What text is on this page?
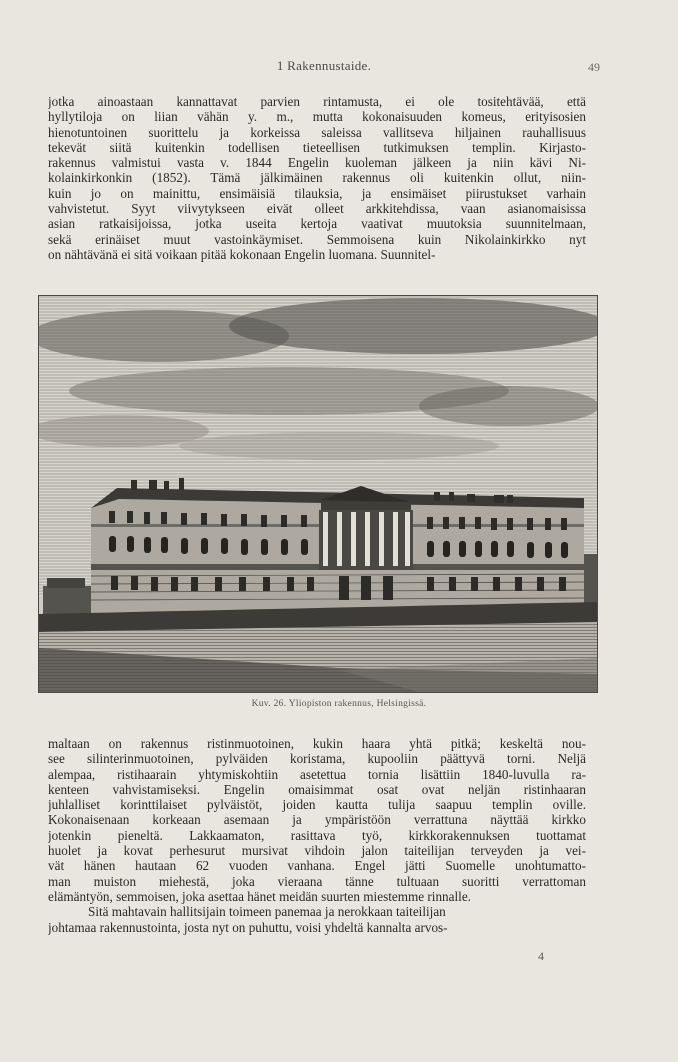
1 Rakennustaide.	49
jotka ainoastaan kannattavat parvien rintamusta, ei ole tositehtävää, että
hyllytiloja on liian vähän y. m., mutta kokonaisuuden komeus, erityisosien
hienotuntoinen suorittelu ja korkeissa saleissa vallitseva hiljainen rauhallisuus
tekevät siitä kuitenkin todellisen tieteellisen tutkimuksen templin. Kirjasto-
rakennus valmistui vasta v. 1844 Engelin kuoleman jälkeen ja niin kävi Ni-
kolainkirkonkin (1852). Tämä jälkimäinen rakennus oli kuitenkin ollut, niin-
kuin jo on mainittu, ensimäisiä tilauksia, ja ensimäiset piirustukset varhain
vahvistetut. Syyt viivytykseen eivät olleet arkkitehdissa, vaan asianomaisissa
asian ratkaisijoissa, jotka useita kertoja vaativat muutoksia suunnitelmaan,
sekä erinäiset muut vastoinkäymiset. Semmoisena kuin Nikolainkirkko nyt
on nähtävänä ei sitä voikaan pitää kokonaan Engelin luomana. Suunnitel-
Kuv. 26. Yliopiston rakennus, Helsingissä.
maltaan on rakennus ristinmuotoinen, kukin haara yhtä pitkä; keskeltä nou-
see silinterinmuotoinen, pylväiden koristama, kupooliin päättyvä torni. Neljä
alempaa, ristihaarain yhtymiskohtiin asetettua tornia lisättiin 1840-luvulla ra-
kenteen vahvistamiseksi. Engelin omaisimmat osat ovat neljän ristinhaaran
juhlalliset korinttilaiset pylväistöt, joiden kautta tulija saapuu templin oville.
Kokonaisenaan korkeaan asemaan ja ympäristöön verrattuna näyttää kirkko
jotenkin pieneltä. Lakkaamaton, rasittava työ, kirkkorakennuksen tuottamat
huolet ja kovat perhesurut mursivat vihdoin jalon taiteilijan terveyden ja vei-
vät hänen hautaan 62 vuoden vanhana. Engel jätti Suomelle unohtumatto-
man muiston miehestä, joka vieraana tänne tultuaan suoritti verrattoman
elämäntyön, semmoisen, joka asettaa hänet meidän suurten miestemme rinnalle.
Sitä mahtavain hallitsijain toimeen panemaa ja nerokkaan taiteilijan
johtamaa rakennustointa, josta nyt on puhuttu, voisi yhdeltä kannalta arvos-
4
